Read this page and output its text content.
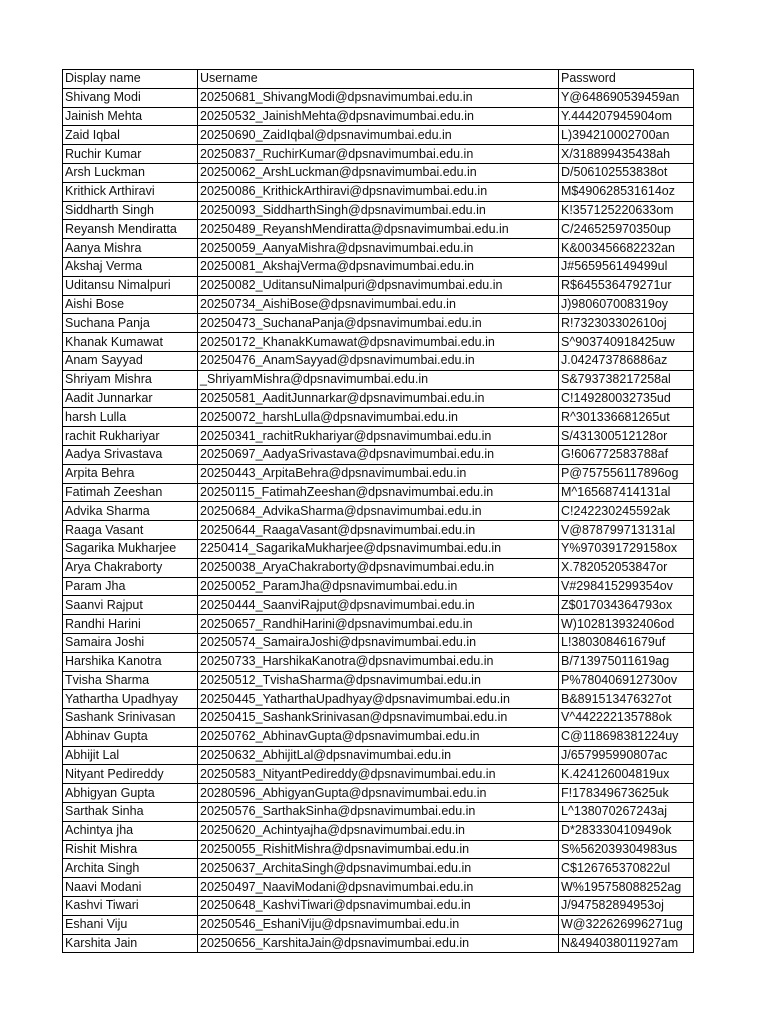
Display name	Username	Password
Shivang Modi	20250681_ShivangModi@dpsnavimumbai.edu.in	Y@648690539459an
Jainish Mehta	20250532_JainishMehta@dpsnavimumbai.edu.in	Y.444207945904om
Zaid Iqbal	20250690_ZaidIqbal@dpsnavimumbai.edu.in	L)394210002700an
Ruchir Kumar	20250837_RuchirKumar@dpsnavimumbai.edu.in	X/318899435438ah
Arsh Luckman	20250062_ArshLuckman@dpsnavimumbai.edu.in	D/506102553838ot
Krithick Arthiravi	20250086_KrithickArthiravi@dpsnavimumbai.edu.in	M$490628531614oz
Siddharth Singh	20250093_SiddharthSingh@dpsnavimumbai.edu.in	K!357125220633om
Reyansh Mendiratta	20250489_ReyanshMendiratta@dpsnavimumbai.edu.in	C/246525970350up
Aanya Mishra	20250059_AanyaMishra@dpsnavimumbai.edu.in	K&003456682232an
Akshaj Verma	20250081_AkshajVerma@dpsnavimumbai.edu.in	J#565956149499ul
Uditansu Nimalpuri	20250082_UditansuNimalpuri@dpsnavimumbai.edu.in	R$645536479271ur
Aishi Bose	20250734_AishiBose@dpsnavimumbai.edu.in	J)980607008319oy
Suchana Panja	20250473_SuchanaPanja@dpsnavimumbai.edu.in	R!732303302610oj
Khanak Kumawat	20250172_KhanakKumawat@dpsnavimumbai.edu.in	S^903740918425uw
Anam Sayyad	20250476_AnamSayyad@dpsnavimumbai.edu.in	J.042473786886az
Shriyam Mishra	_ShriyamMishra@dpsnavimumbai.edu.in	S&793738217258al
Aadit Junnarkar	20250581_AaditJunnarkar@dpsnavimumbai.edu.in	C!149280032735ud
harsh Lulla	20250072_harshLulla@dpsnavimumbai.edu.in	R^301336681265ut
rachit Rukhariyar	20250341_rachitRukhariyar@dpsnavimumbai.edu.in	S/431300512128or
Aadya Srivastava	20250697_AadyaSrivastava@dpsnavimumbai.edu.in	G!606772583788af
Arpita Behra	20250443_ArpitaBehra@dpsnavimumbai.edu.in	P@757556117896og
Fatimah Zeeshan	20250115_FatimahZeeshan@dpsnavimumbai.edu.in	M^165687414131al
Advika Sharma	20250684_AdvikaSharma@dpsnavimumbai.edu.in	C!242230245592ak
Raaga Vasant	20250644_RaagaVasant@dpsnavimumbai.edu.in	V@878799713131al
Sagarika Mukharjee	2250414_SagarikaMukharjee@dpsnavimumbai.edu.in	Y%970391729158ox
Arya Chakraborty	20250038_AryaChakraborty@dpsnavimumbai.edu.in	X.782052053847or
Param Jha	20250052_ParamJha@dpsnavimumbai.edu.in	V#298415299354ov
Saanvi Rajput	20250444_SaanviRajput@dpsnavimumbai.edu.in	Z$017034364793ox
Randhi Harini	20250657_RandhiHarini@dpsnavimumbai.edu.in	W)102813932406od
Samaira Joshi	20250574_SamairaJoshi@dpsnavimumbai.edu.in	L!380308461679uf
Harshika Kanotra	20250733_HarshikaKanotra@dpsnavimumbai.edu.in	B/713975011619ag
Tvisha Sharma	20250512_TvishaSharma@dpsnavimumbai.edu.in	P%780406912730ov
Yathartha Upadhyay	20250445_YatharthaUpadhyay@dpsnavimumbai.edu.in	B&891513476327ot
Sashank Srinivasan	20250415_SashankSrinivasan@dpsnavimumbai.edu.in	V^442222135788ok
Abhinav Gupta	20250762_AbhinavGupta@dpsnavimumbai.edu.in	C@118698381224uy
Abhijit Lal	20250632_AbhijitLal@dpsnavimumbai.edu.in	J/657995990807ac
Nityant Pedireddy	20250583_NityantPedireddy@dpsnavimumbai.edu.in	K.424126004819ux
Abhigyan Gupta	20280596_AbhigyanGupta@dpsnavimumbai.edu.in	F!178349673625uk
Sarthak Sinha	20250576_SarthakSinha@dpsnavimumbai.edu.in	L^138070267243aj
Achintya jha	20250620_Achintyajha@dpsnavimumbai.edu.in	D*283330410949ok
Rishit Mishra	20250055_RishitMishra@dpsnavimumbai.edu.in	S%562039304983us
Archita Singh	20250637_ArchitaSingh@dpsnavimumbai.edu.in	C$126765370822ul
Naavi Modani	20250497_NaaviModani@dpsnavimumbai.edu.in	W%195758088252ag
Kashvi Tiwari	20250648_KashviTiwari@dpsnavimumbai.edu.in	J/947582894953oj
Eshani Viju	20250546_EshaniViju@dpsnavimumbai.edu.in	W@322626996271ug
Karshita Jain	20250656_KarshitaJain@dpsnavimumbai.edu.in	N&494038011927am
